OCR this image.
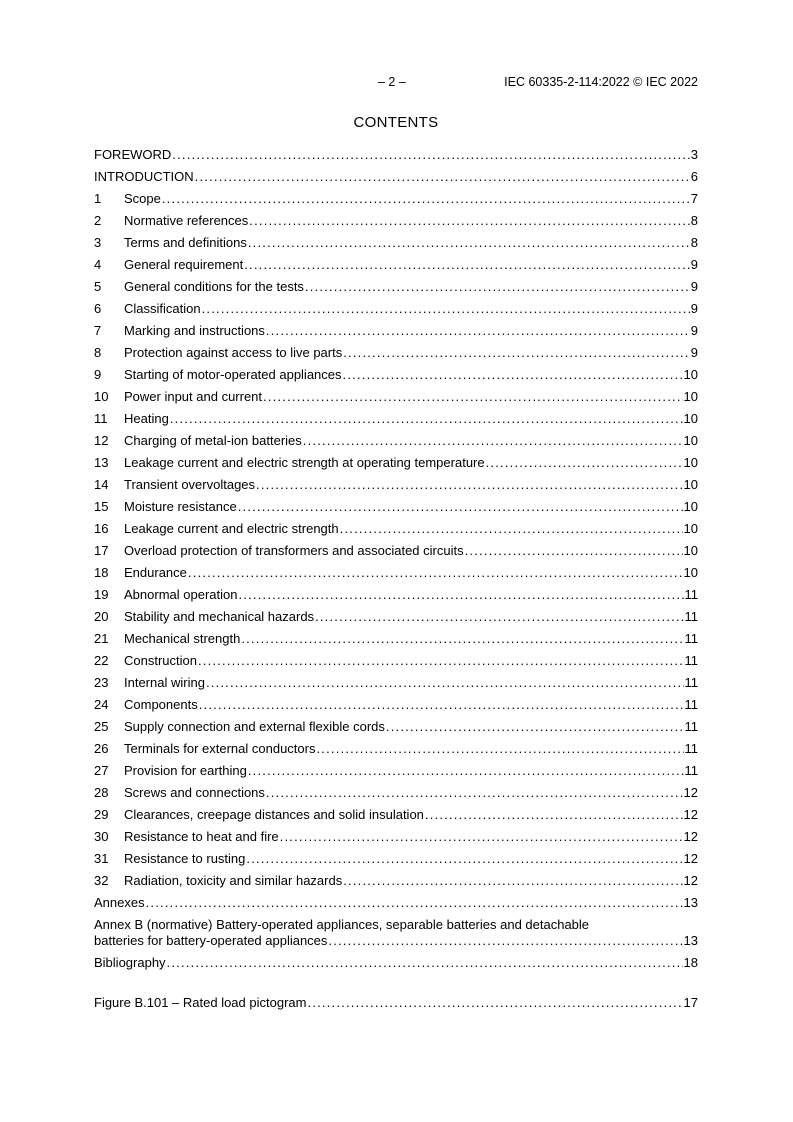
– 2 –	IEC 60335-2-114:2022 © IEC 2022
CONTENTS
FOREWORD .....	3
INTRODUCTION .....	6
1	Scope .....	7
2	Normative references .....	8
3	Terms and definitions .....	8
4	General requirement .....	9
5	General conditions for the tests .....	9
6	Classification .....	9
7	Marking and instructions .....	9
8	Protection against access to live parts .....	9
9	Starting of motor-operated appliances .....	10
10	Power input and current .....	10
11	Heating .....	10
12	Charging of metal-ion batteries .....	10
13	Leakage current and electric strength at operating temperature .....	10
14	Transient overvoltages .....	10
15	Moisture resistance .....	10
16	Leakage current and electric strength .....	10
17	Overload protection of transformers and associated circuits .....	10
18	Endurance .....	10
19	Abnormal operation .....	11
20	Stability and mechanical hazards .....	11
21	Mechanical strength .....	11
22	Construction .....	11
23	Internal wiring .....	11
24	Components .....	11
25	Supply connection and external flexible cords .....	11
26	Terminals for external conductors .....	11
27	Provision for earthing .....	11
28	Screws and connections .....	12
29	Clearances, creepage distances and solid insulation .....	12
30	Resistance to heat and fire .....	12
31	Resistance to rusting .....	12
32	Radiation, toxicity and similar hazards .....	12
Annexes .....	13
Annex B (normative) Battery-operated appliances, separable batteries and detachable
batteries for battery-operated appliances .....	13
Bibliography .....	18
Figure B.101 – Rated load pictogram .....	17
